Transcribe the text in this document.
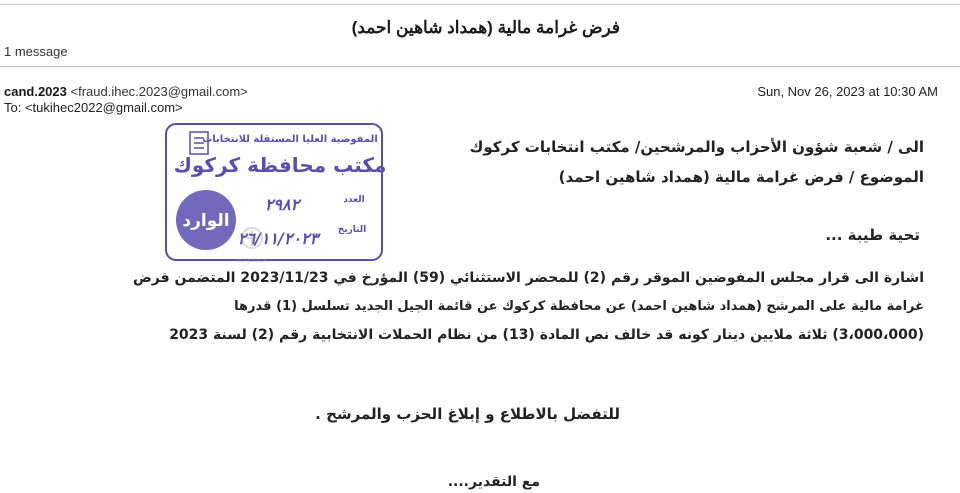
فرض غرامة مالية (همداد شاهين احمد)
1 message
cand.2023 <fraud.ihec.2023@gmail.com>
To: <tukihec2022@gmail.com>
Sun, Nov 26, 2023 at 10:30 AM
المفوضية العليا المستقلة للانتخابات
مكتب محافظة كركوك
العدد
التاريخ
٢٩٨٢
٢٦/١١/٢٠٢٣
الوارد
حمقوبية
الى / شعبة شؤون الأحزاب والمرشحين/ مكتب انتخابات كركوك
الموضوع / فرض غرامة مالية (همداد شاهين احمد)
تحية طيبة ...
اشارة الى قرار مجلس المفوضين الموقر رقم (2) للمحضر الاستثنائي (59) المؤرخ في 2023/11/23 المتضمن فرض
غرامة مالية على المرشح (همداد شاهين احمد) عن محافظة كركوك عن قائمة الجيل الجديد تسلسل (1) قدرها
(3،000،000) ثلاثة ملايين دينار كونه قد خالف نص المادة (13) من نظام الحملات الانتخابية رقم (2) لسنة 2023
للتفضل بالاطلاع و إبلاغ الحزب والمرشح .
مع التقدير....
